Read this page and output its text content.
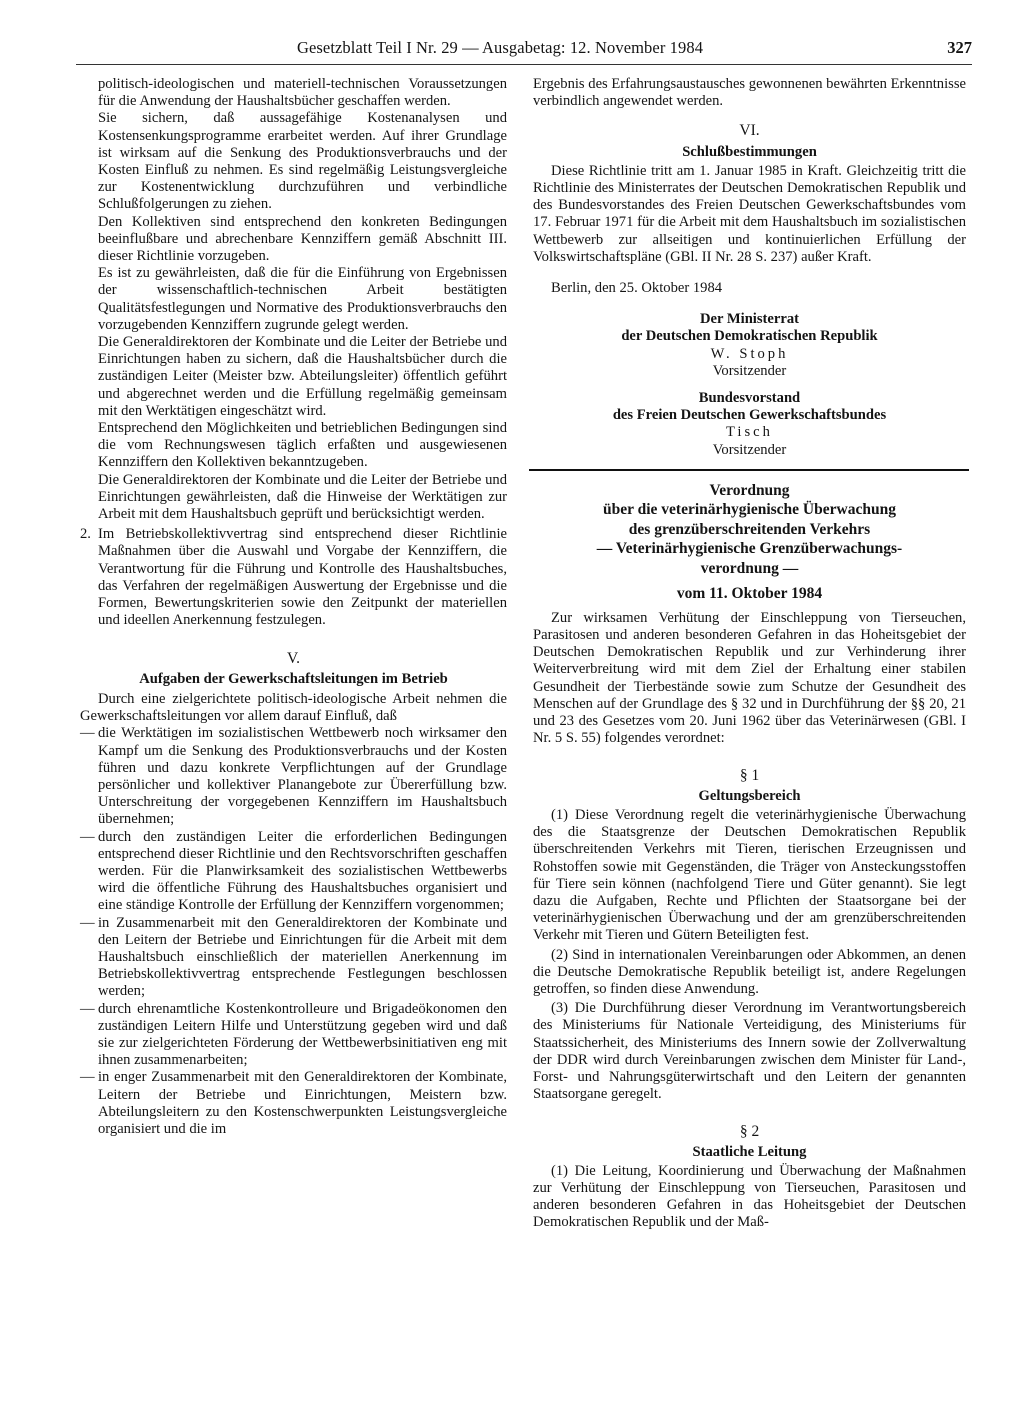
Gesetzblatt Teil I Nr. 29 — Ausgabetag: 12. November 1984	327

politisch-ideologischen und materiell-technischen Voraussetzungen für die Anwendung der Haushaltsbücher geschaffen werden.

Sie sichern, daß aussagefähige Kostenanalysen und Kostensenkungsprogramme erarbeitet werden. Auf ihrer Grundlage ist wirksam auf die Senkung des Produktionsverbrauchs und der Kosten Einfluß zu nehmen. Es sind regelmäßig Leistungsvergleiche zur Kostenentwicklung durchzuführen und verbindliche Schlußfolgerungen zu ziehen.

Den Kollektiven sind entsprechend den konkreten Bedingungen beeinflußbare und abrechenbare Kennziffern gemäß Abschnitt III. dieser Richtlinie vorzugeben.

Es ist zu gewährleisten, daß die für die Einführung von Ergebnissen der wissenschaftlich-technischen Arbeit bestätigten Qualitätsfestlegungen und Normative des Produktionsverbrauchs den vorzugebenden Kennziffern zugrunde gelegt werden.

Die Generaldirektoren der Kombinate und die Leiter der Betriebe und Einrichtungen haben zu sichern, daß die Haushaltsbücher durch die zuständigen Leiter (Meister bzw. Abteilungsleiter) öffentlich geführt und abgerechnet werden und die Erfüllung regelmäßig gemeinsam mit den Werktätigen eingeschätzt wird.

Entsprechend den Möglichkeiten und betrieblichen Bedingungen sind die vom Rechnungswesen täglich erfaßten und ausgewiesenen Kennziffern den Kollektiven bekanntzugeben.

Die Generaldirektoren der Kombinate und die Leiter der Betriebe und Einrichtungen gewährleisten, daß die Hinweise der Werktätigen zur Arbeit mit dem Haushaltsbuch geprüft und berücksichtigt werden.

2. Im Betriebskollektivvertrag sind entsprechend dieser Richtlinie Maßnahmen über die Auswahl und Vorgabe der Kennziffern, die Verantwortung für die Führung und Kontrolle des Haushaltsbuches, das Verfahren der regelmäßigen Auswertung der Ergebnisse und die Formen, Bewertungskriterien sowie den Zeitpunkt der materiellen und ideellen Anerkennung festzulegen.

V.

Aufgaben der Gewerkschaftsleitungen im Betrieb

Durch eine zielgerichtete politisch-ideologische Arbeit nehmen die Gewerkschaftsleitungen vor allem darauf Einfluß, daß

— die Werktätigen im sozialistischen Wettbewerb noch wirksamer den Kampf um die Senkung des Produktionsverbrauchs und der Kosten führen und dazu konkrete Verpflichtungen auf der Grundlage persönlicher und kollektiver Planangebote zur Übererfüllung bzw. Unterschreitung der vorgegebenen Kennziffern im Haushaltsbuch übernehmen;
— durch den zuständigen Leiter die erforderlichen Bedingungen entsprechend dieser Richtlinie und den Rechtsvorschriften geschaffen werden. Für die Planwirksamkeit des sozialistischen Wettbewerbs wird die öffentliche Führung des Haushaltsbuches organisiert und eine ständige Kontrolle der Erfüllung der Kennziffern vorgenommen;
— in Zusammenarbeit mit den Generaldirektoren der Kombinate und den Leitern der Betriebe und Einrichtungen für die Arbeit mit dem Haushaltsbuch einschließlich der materiellen Anerkennung im Betriebskollektivvertrag entsprechende Festlegungen beschlossen werden;
— durch ehrenamtliche Kostenkontrolleure und Brigadeökonomen den zuständigen Leitern Hilfe und Unterstützung gegeben wird und daß sie zur zielgerichteten Förderung der Wettbewerbsinitiativen eng mit ihnen zusammenarbeiten;
— in enger Zusammenarbeit mit den Generaldirektoren der Kombinate, Leitern der Betriebe und Einrichtungen, Meistern bzw. Abteilungsleitern zu den Kostenschwerpunkten Leistungsvergleiche organisiert und die im

Ergebnis des Erfahrungsaustausches gewonnenen bewährten Erkenntnisse verbindlich angewendet werden.

VI.

Schlußbestimmungen

Diese Richtlinie tritt am 1. Januar 1985 in Kraft. Gleichzeitig tritt die Richtlinie des Ministerrates der Deutschen Demokratischen Republik und des Bundesvorstandes des Freien Deutschen Gewerkschaftsbundes vom 17. Februar 1971 für die Arbeit mit dem Haushaltsbuch im sozialistischen Wettbewerb zur allseitigen und kontinuierlichen Erfüllung der Volkswirtschaftspläne (GBl. II Nr. 28 S. 237) außer Kraft.

Berlin, den 25. Oktober 1984

Der Ministerrat

der Deutschen Demokratischen Republik

W. Stoph

Vorsitzender

Bundesvorstand

des Freien Deutschen Gewerkschaftsbundes

Tisch

Vorsitzender

Verordnung

über die veterinärhygienische Überwachung

des grenzüberschreitenden Verkehrs

— Veterinärhygienische Grenzüberwachungs-

verordnung —

vom 11. Oktober 1984

Zur wirksamen Verhütung der Einschleppung von Tierseuchen, Parasitosen und anderen besonderen Gefahren in das Hoheitsgebiet der Deutschen Demokratischen Republik und zur Verhinderung ihrer Weiterverbreitung wird mit dem Ziel der Erhaltung einer stabilen Gesundheit der Tierbestände sowie zum Schutze der Gesundheit des Menschen auf der Grundlage des § 32 und in Durchführung der §§ 20, 21 und 23 des Gesetzes vom 20. Juni 1962 über das Veterinärwesen (GBl. I Nr. 5 S. 55) folgendes verordnet:

§ 1

Geltungsbereich

(1) Diese Verordnung regelt die veterinärhygienische Überwachung des die Staatsgrenze der Deutschen Demokratischen Republik überschreitenden Verkehrs mit Tieren, tierischen Erzeugnissen und Rohstoffen sowie mit Gegenständen, die Träger von Ansteckungsstoffen für Tiere sein können (nachfolgend Tiere und Güter genannt). Sie legt dazu die Aufgaben, Rechte und Pflichten der Staatsorgane bei der veterinärhygienischen Überwachung und der am grenzüberschreitenden Verkehr mit Tieren und Gütern Beteiligten fest.

(2) Sind in internationalen Vereinbarungen oder Abkommen, an denen die Deutsche Demokratische Republik beteiligt ist, andere Regelungen getroffen, so finden diese Anwendung.

(3) Die Durchführung dieser Verordnung im Verantwortungsbereich des Ministeriums für Nationale Verteidigung, des Ministeriums für Staatssicherheit, des Ministeriums des Innern sowie der Zollverwaltung der DDR wird durch Vereinbarungen zwischen dem Minister für Land-, Forst- und Nahrungsgüterwirtschaft und den Leitern der genannten Staatsorgane geregelt.

§ 2

Staatliche Leitung

(1) Die Leitung, Koordinierung und Überwachung der Maßnahmen zur Verhütung der Einschleppung von Tierseuchen, Parasitosen und anderen besonderen Gefahren in das Hoheitsgebiet der Deutschen Demokratischen Republik und der Maß-
